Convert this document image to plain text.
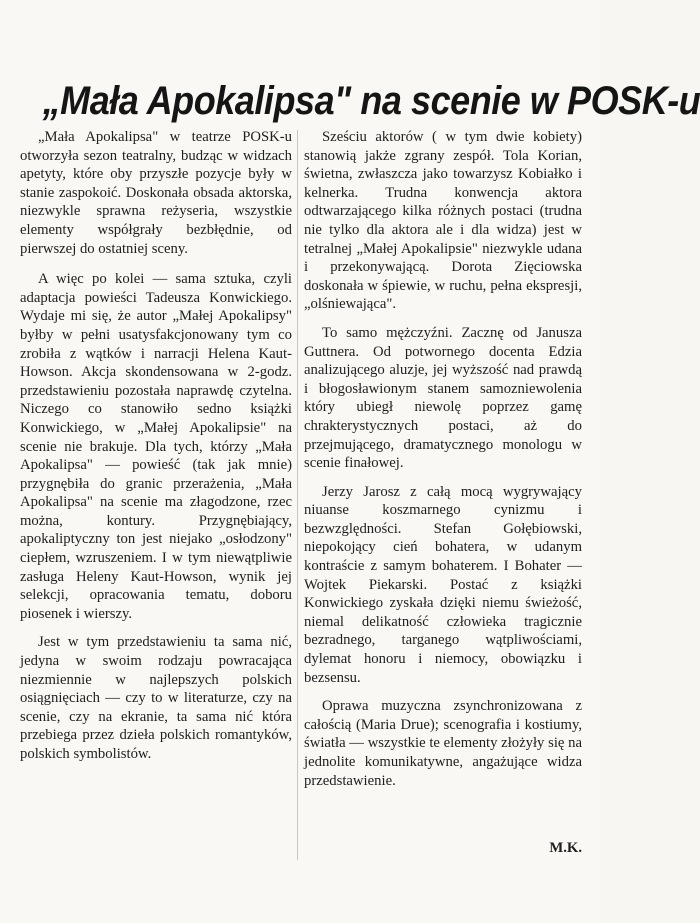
„Mała Apokalipsa" na scenie w POSK-u

„Mała Apokalipsa" w teatrze POSK-u otworzyła sezon teatralny, budząc w widzach apetyty, które oby przyszłe pozycje były w stanie zaspokoić. Doskonała obsada aktorska, niezwykle sprawna reżyseria, wszystkie elementy współgrały bezbłędnie, od pierwszej do ostatniej sceny.

A więc po kolei — sama sztuka, czyli adaptacja powieści Tadeusza Konwickiego. Wydaje mi się, że autor „Małej Apokalipsy" byłby w pełni usatysfakcjonowany tym co zrobiła z wątków i narracji Helena Kaut-Howson. Akcja skondensowana w 2-godz. przedstawieniu pozostała naprawdę czytelna. Niczego co stanowiło sedno książki Konwickiego, w „Małej Apokalipsie" na scenie nie brakuje. Dla tych, którzy „Mała Apokalipsa" — powieść (tak jak mnie) przygnębiła do granic przerażenia, „Mała Apokalipsa" na scenie ma złagodzone, rzec można, kontury. Przygnębiający, apokaliptyczny ton jest niejako „osłodzony" ciepłem, wzruszeniem. I w tym niewątpliwie zasługa Heleny Kaut-Howson, wynik jej selekcji, opracowania tematu, doboru piosenek i wierszy.

Jest w tym przedstawieniu ta sama nić, jedyna w swoim rodzaju powracająca niezmiennie w najlepszych polskich osiągnięciach — czy to w literaturze, czy na scenie, czy na ekranie, ta sama nić która przebiega przez dzieła polskich romantyków, polskich symbolistów.

Sześciu aktorów ( w tym dwie kobiety) stanowią jakże zgrany zespół. Tola Korian, świetna, zwłaszcza jako towarzysz Kobiałko i kelnerka. Trudna konwencja aktora odtwarzającego kilka różnych postaci (trudna nie tylko dla aktora ale i dla widza) jest w tetralnej „Małej Apokalipsie" niezwykle udana i przekonywającą. Dorota Zięciowska doskonała w śpiewie, w ruchu, pełna ekspresji, „olśniewająca".

To samo mężczyźni. Zacznę od Janusza Guttnera. Od potwornego docenta Edzia analizującego aluzje, jej wyższość nad prawdą i błogosławionym stanem samozniewolenia który ubiegł niewolę poprzez gamę chrakterystycznych postaci, aż do przejmującego, dramatycznego monologu w scenie finałowej.

Jerzy Jarosz z całą mocą wygrywający niuanse koszmarnego cynizmu i bezwzględności. Stefan Gołębiowski, niepokojący cień bohatera, w udanym kontraście z samym bohaterem. I Bohater — Wojtek Piekarski. Postać z książki Konwickiego zyskała dzięki niemu świeżość, niemal delikatność człowieka tragicznie bezradnego, targanego wątpliwościami, dylemat honoru i niemocy, obowiązku i bezsensu.

Oprawa muzyczna zsynchronizowana z całością (Maria Drue); scenografia i kostiumy, światła — wszystkie te elementy złożyły się na jednolite komunikatywne, angażujące widza przedstawienie.

M.K.
